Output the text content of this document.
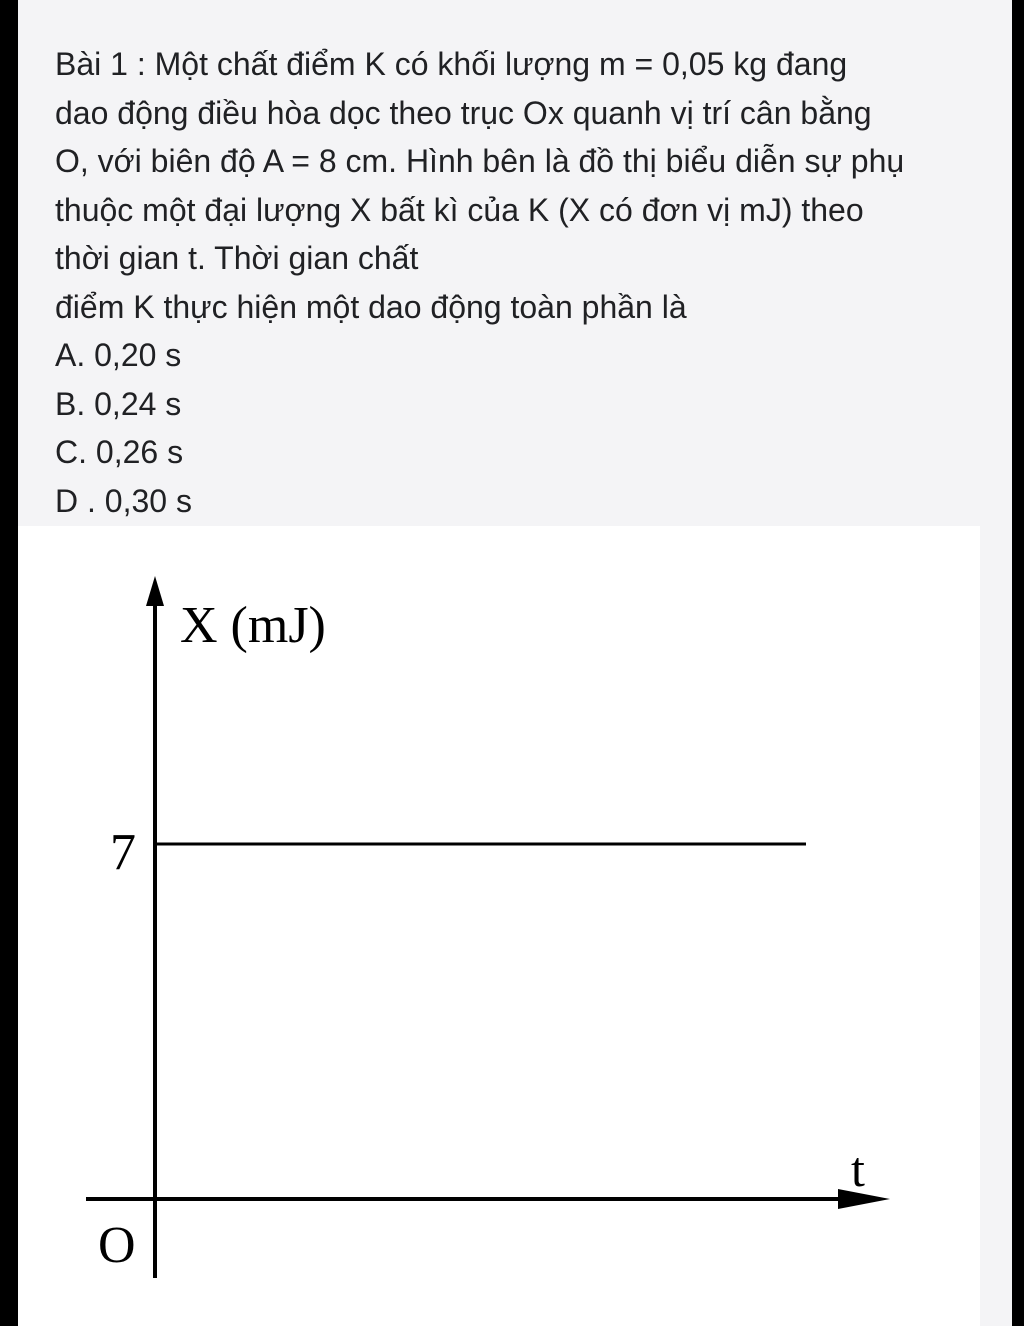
Bài 1 : Một chất điểm K có khối lượng m = 0,05 kg đang

dao động điều hòa dọc theo trục Ox quanh vị trí cân bằng

O, với biên độ A = 8 cm. Hình bên là đồ thị biểu diễn sự phụ

thuộc một đại lượng X bất kì của K (X có đơn vị mJ) theo

thời gian t. Thời gian chất

điểm K thực hiện một dao động toàn phần là

A. 0,20 s
B. 0,24 s
C. 0,26 s
D . 0,30 s
X (mJ)
7
t
O
